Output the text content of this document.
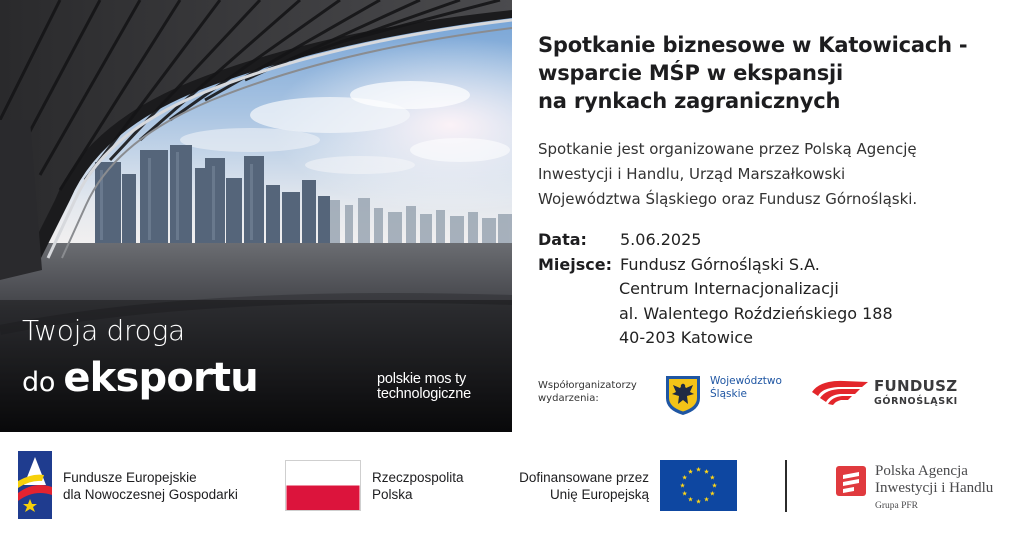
Twoja droga
do eksportu	polskie mos ty
technologiczne
Spotkanie biznesowe w Katowicach -
wsparcie MŚP w ekspansji
na rynkach zagranicznych

Spotkanie jest organizowane przez Polską Agencję
Inwestycji i Handlu, Urząd Marszałkowski
Województwa Śląskiego oraz Fundusz Górnośląski.

Data: 5.06.2025
Miejsce: Fundusz Górnośląski S.A.
Centrum Internacjonalizacji
al. Walentego Roździeńskiego 188
40-203 Katowice
Współorganizatorzy
wydarzenia:
Województwo
Śląskie	FUNDUSZ
GÓRNOŚLĄSKI
Fundusze Europejskie
dla Nowoczesnej Gospodarki
Rzeczpospolita
Polska
Dofinansowane przez
Unię Europejską
Polska Agencja
Inwestycji i Handlu
Grupa PFR
